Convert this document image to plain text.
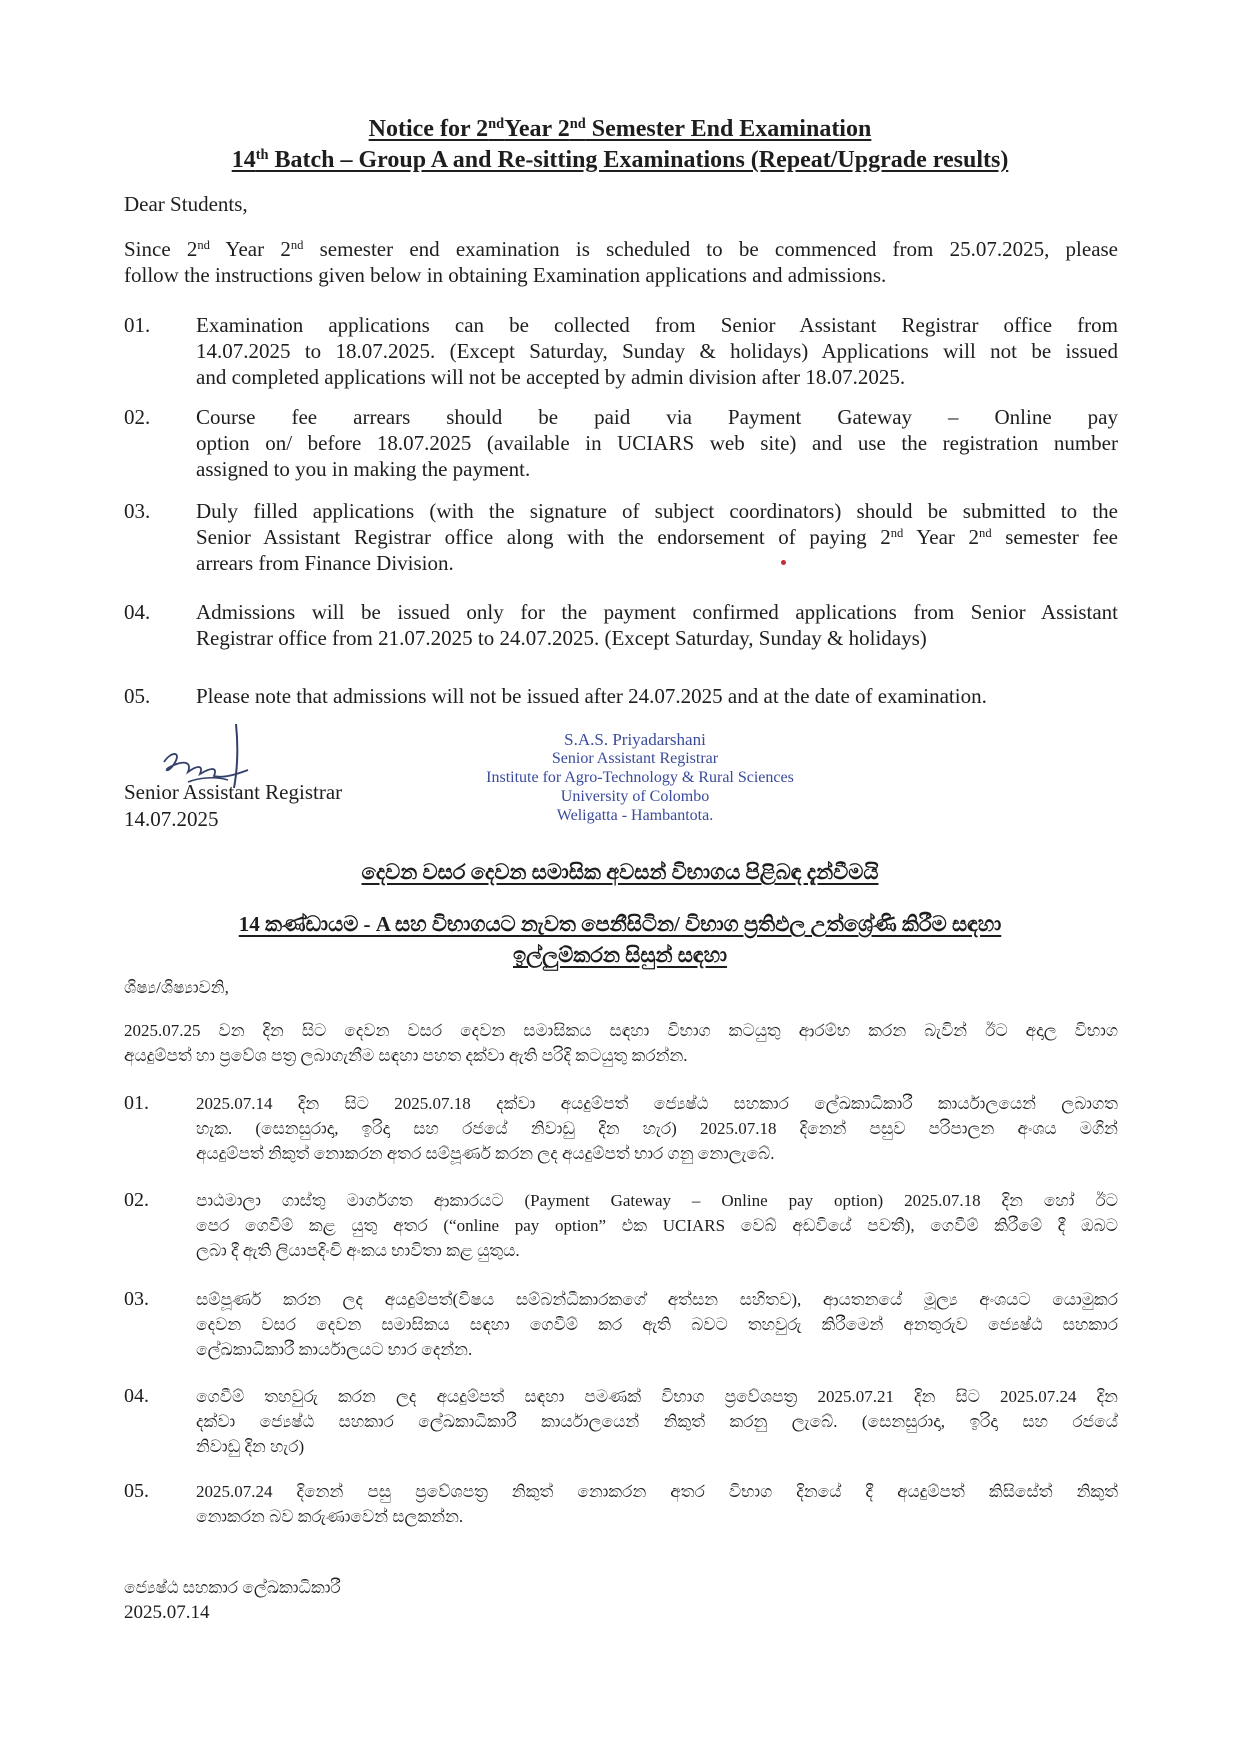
Notice for 2ndYear 2nd Semester End Examination
14th Batch – Group A and Re-sitting Examinations (Repeat/Upgrade results)
Dear Students,
Since 2nd Year 2nd semester end examination is scheduled to be commenced from 25.07.2025, please
follow the instructions given below in obtaining Examination applications and admissions.
01. Examination applications can be collected from Senior Assistant Registrar office from
14.07.2025 to 18.07.2025. (Except Saturday, Sunday & holidays) Applications will not be issued
and completed applications will not be accepted by admin division after 18.07.2025.
02. Course fee arrears should be paid via Payment Gateway – Online pay
option on/ before 18.07.2025 (available in UCIARS web site) and use the registration number
assigned to you in making the payment.
03. Duly filled applications (with the signature of subject coordinators) should be submitted to the
Senior Assistant Registrar office along with the endorsement of paying 2nd Year 2nd semester fee
arrears from Finance Division.
04. Admissions will be issued only for the payment confirmed applications from Senior Assistant
Registrar office from 21.07.2025 to 24.07.2025. (Except Saturday, Sunday & holidays)
05. Please note that admissions will not be issued after 24.07.2025 and at the date of examination.
Senior Assistant Registrar
14.07.2025
S.A.S. Priyadarshani
Senior Assistant Registrar
Institute for Agro-Technology & Rural Sciences
University of Colombo
Weligatta - Hambantota.
දෙවන වසර දෙවන සමාසික අවසන් විභාගය පිළිබඳ දැන්වීමයි
14 කණ්ඩායම - A සහ විභාගයට නැවත පෙනීසිටින/ විභාග ප්‍රතිඵල උත්ශ්‍රේණි කිරීම සඳහා
ඉල්ලුම්කරන සිසුන් සඳහා
ශිෂ්‍ය/ශිෂ්‍යාවනි,
2025.07.25 වන දින සිට දෙවන වසර දෙවන සමාසිකය සඳහා විභාග කටයුතු ආරම්භ කරන බැවින් ඊට අදාල විභාග
අයදුම්පත් හා ප්‍රවේශ පත්‍ර ලබාගැනීම සඳහා පහත දක්වා ඇති පරිදි කටයුතු කරන්න.
01.	2025.07.14 දින සිට 2025.07.18 දක්වා අයදුම්පත් ජ්‍යෙෂ්ඨ සහකාර ලේඛකාධිකාරී කාර්යාලයෙන් ලබාගත
හැක. (සෙනසුරාදා, ඉරිදා සහ රජයේ නිවාඩු දින හැර) 2025.07.18 දිනෙන් පසුව පරිපාලන අංශය මගින්
අයදුම්පත් නිකුත් නොකරන අතර සම්පූර්ණ කරන ලද අයදුම්පත් භාර ගනු නොලැබේ.
02.	පාඨමාලා ගාස්තු මාර්ගගත ආකාරයට (Payment Gateway – Online pay option) 2025.07.18 දින හෝ ඊට
පෙර ගෙවීම් කළ යුතු අතර (“online pay option” එක UCIARS වෙබ් අඩවියේ පවතී), ගෙවීම් කිරීමේ දී ඔබට
ලබා දී ඇති ලියාපදිංචි අංකය භාවිතා කළ යුතුය.
03.	සම්පූර්ණ කරන ලද අයදුම්පත්(විෂය සම්බන්ධීකාරකගේ අත්සන සහිතව), ආයතනයේ මූල්‍ය අංශයට යොමුකර
දෙවන වසර දෙවන සමාසිකය සඳහා ගෙවීම් කර ඇති බවට තහවුරු කිරීමෙන් අනතුරුව ජ්‍යෙෂ්ඨ සහකාර
ලේඛකාධිකාරී කාර්යාලයට භාර දෙන්න.
04.	ගෙවීම් තහවුරු කරන ලද අයදුම්පත් සඳහා පමණක් විභාග ප්‍රවේශපත්‍ර 2025.07.21 දින සිට 2025.07.24 දින
දක්වා ජ්‍යෙෂ්ඨ සහකාර ලේඛකාධිකාරී කාර්යාලයෙන් නිකුත් කරනු ලැබේ. (සෙනසුරාදා, ඉරිදා සහ රජයේ
නිවාඩු දින හැර)
05.	2025.07.24 දිනෙන් පසු ප්‍රවේශපත්‍ර නිකුත් නොකරන අතර විභාග දිනයේ දී අයදුම්පත් කිසිසේත් නිකුත්
නොකරන බව කරුණාවෙන් සලකන්න.
ජ්‍යෙෂ්ඨ සහකාර ලේඛකාධිකාරී
2025.07.14
